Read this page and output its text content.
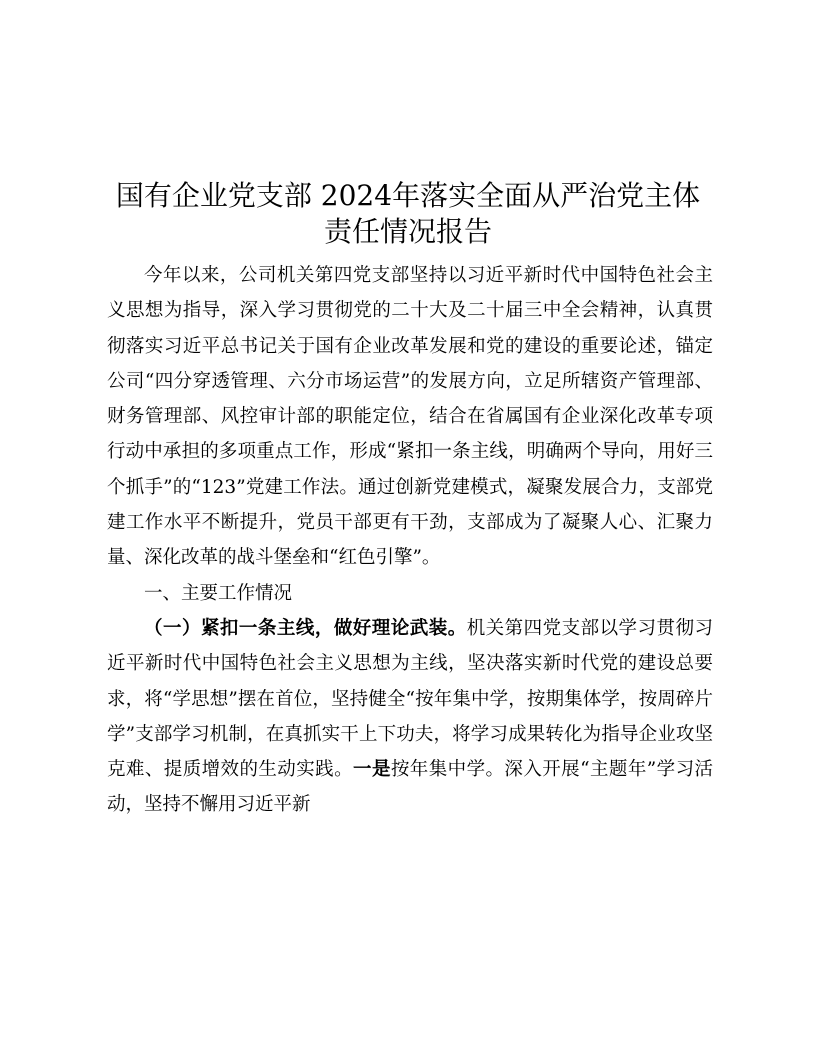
国有企业党支部 2024年落实全面从严治党主体
责任情况报告

今年以来，公司机关第四党支部坚持以习近平新时代中国特色社会主义思想为指导，深入学习贯彻党的二十大及二十届三中全会精神，认真贯彻落实习近平总书记关于国有企业改革发展和党的建设的重要论述，锚定公司“四分穿透管理、六分市场运营”的发展方向，立足所辖资产管理部、财务管理部、风控审计部的职能定位，结合在省属国有企业深化改革专项行动中承担的多项重点工作，形成“紧扣一条主线，明确两个导向，用好三个抓手”的“123”党建工作法。通过创新党建模式，凝聚发展合力，支部党建工作水平不断提升，党员干部更有干劲，支部成为了凝聚人心、汇聚力量、深化改革的战斗堡垒和“红色引擎”。

一、主要工作情况

（一）紧扣一条主线，做好理论武装。机关第四党支部以学习贯彻习近平新时代中国特色社会主义思想为主线，坚决落实新时代党的建设总要求，将“学思想”摆在首位，坚持健全“按年集中学，按期集体学，按周碎片学”支部学习机制，在真抓实干上下功夫，将学习成果转化为指导企业攻坚克难、提质增效的生动实践。一是按年集中学。深入开展“主题年”学习活动，坚持不懈用习近平新
